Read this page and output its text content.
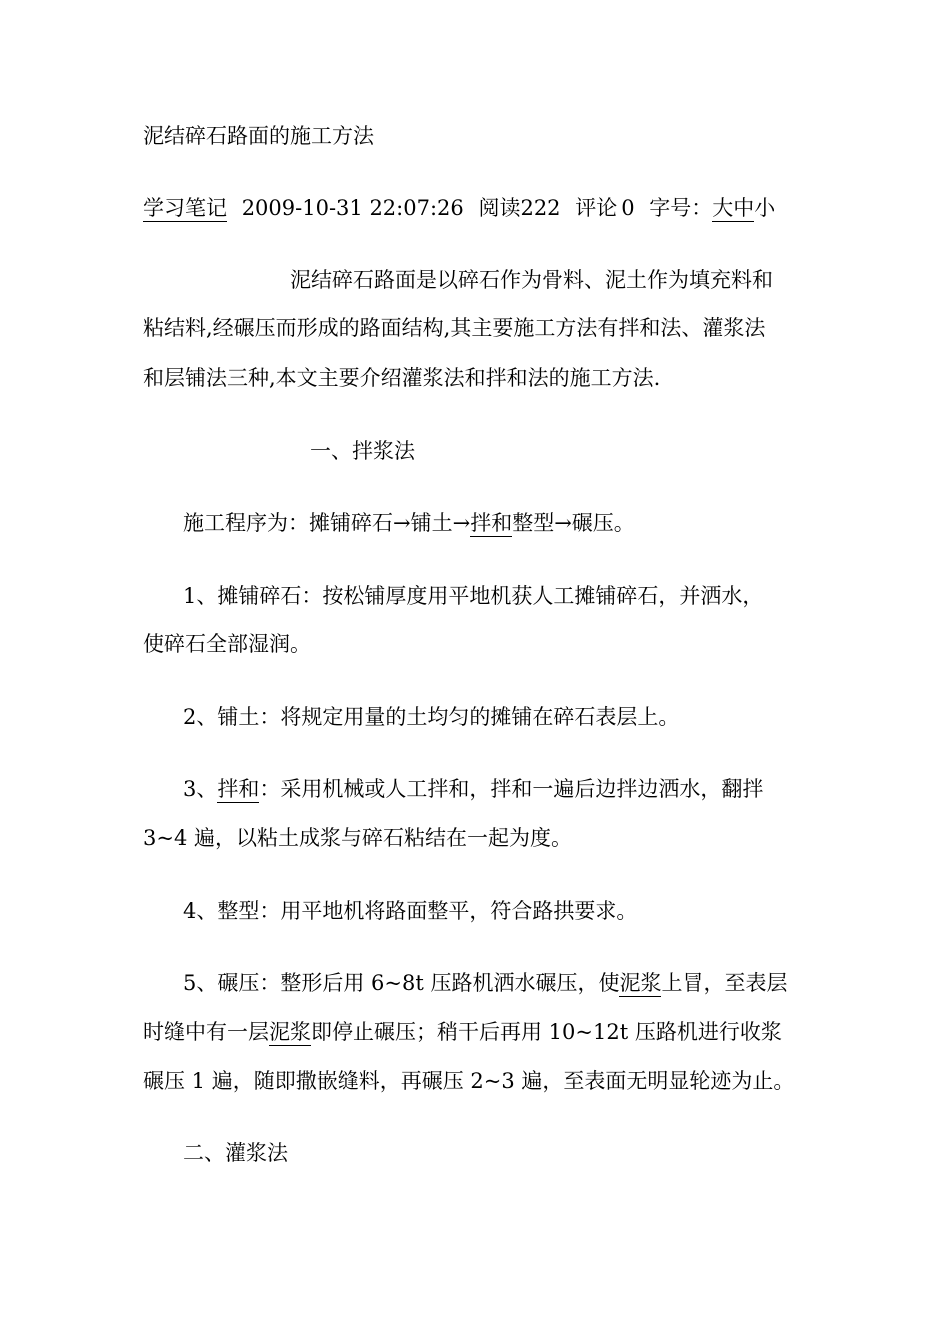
泥结碎石路面的施工方法
学习笔记 2009-10-31 22:07:26 阅读222 评论 0 字号：大中小
泥结碎石路面是以碎石作为骨料、泥土作为填充料和
粘结料,经碾压而形成的路面结构,其主要施工方法有拌和法、灌浆法
和层铺法三种,本文主要介绍灌浆法和拌和法的施工方法.
一、拌浆法
施工程序为：摊铺碎石→铺土→拌和整型→碾压。
1、摊铺碎石：按松铺厚度用平地机获人工摊铺碎石，并洒水，
使碎石全部湿润。
2、铺土：将规定用量的土均匀的摊铺在碎石表层上。
3、拌和：采用机械或人工拌和，拌和一遍后边拌边洒水，翻拌
3~4 遍，以粘土成浆与碎石粘结在一起为度。
4、整型：用平地机将路面整平，符合路拱要求。
5、碾压：整形后用 6~8t 压路机洒水碾压，使泥浆上冒，至表层
时缝中有一层泥浆即停止碾压；稍干后再用 10~12t 压路机进行收浆
碾压 1 遍，随即撒嵌缝料，再碾压 2~3 遍，至表面无明显轮迹为止。
二、灌浆法
